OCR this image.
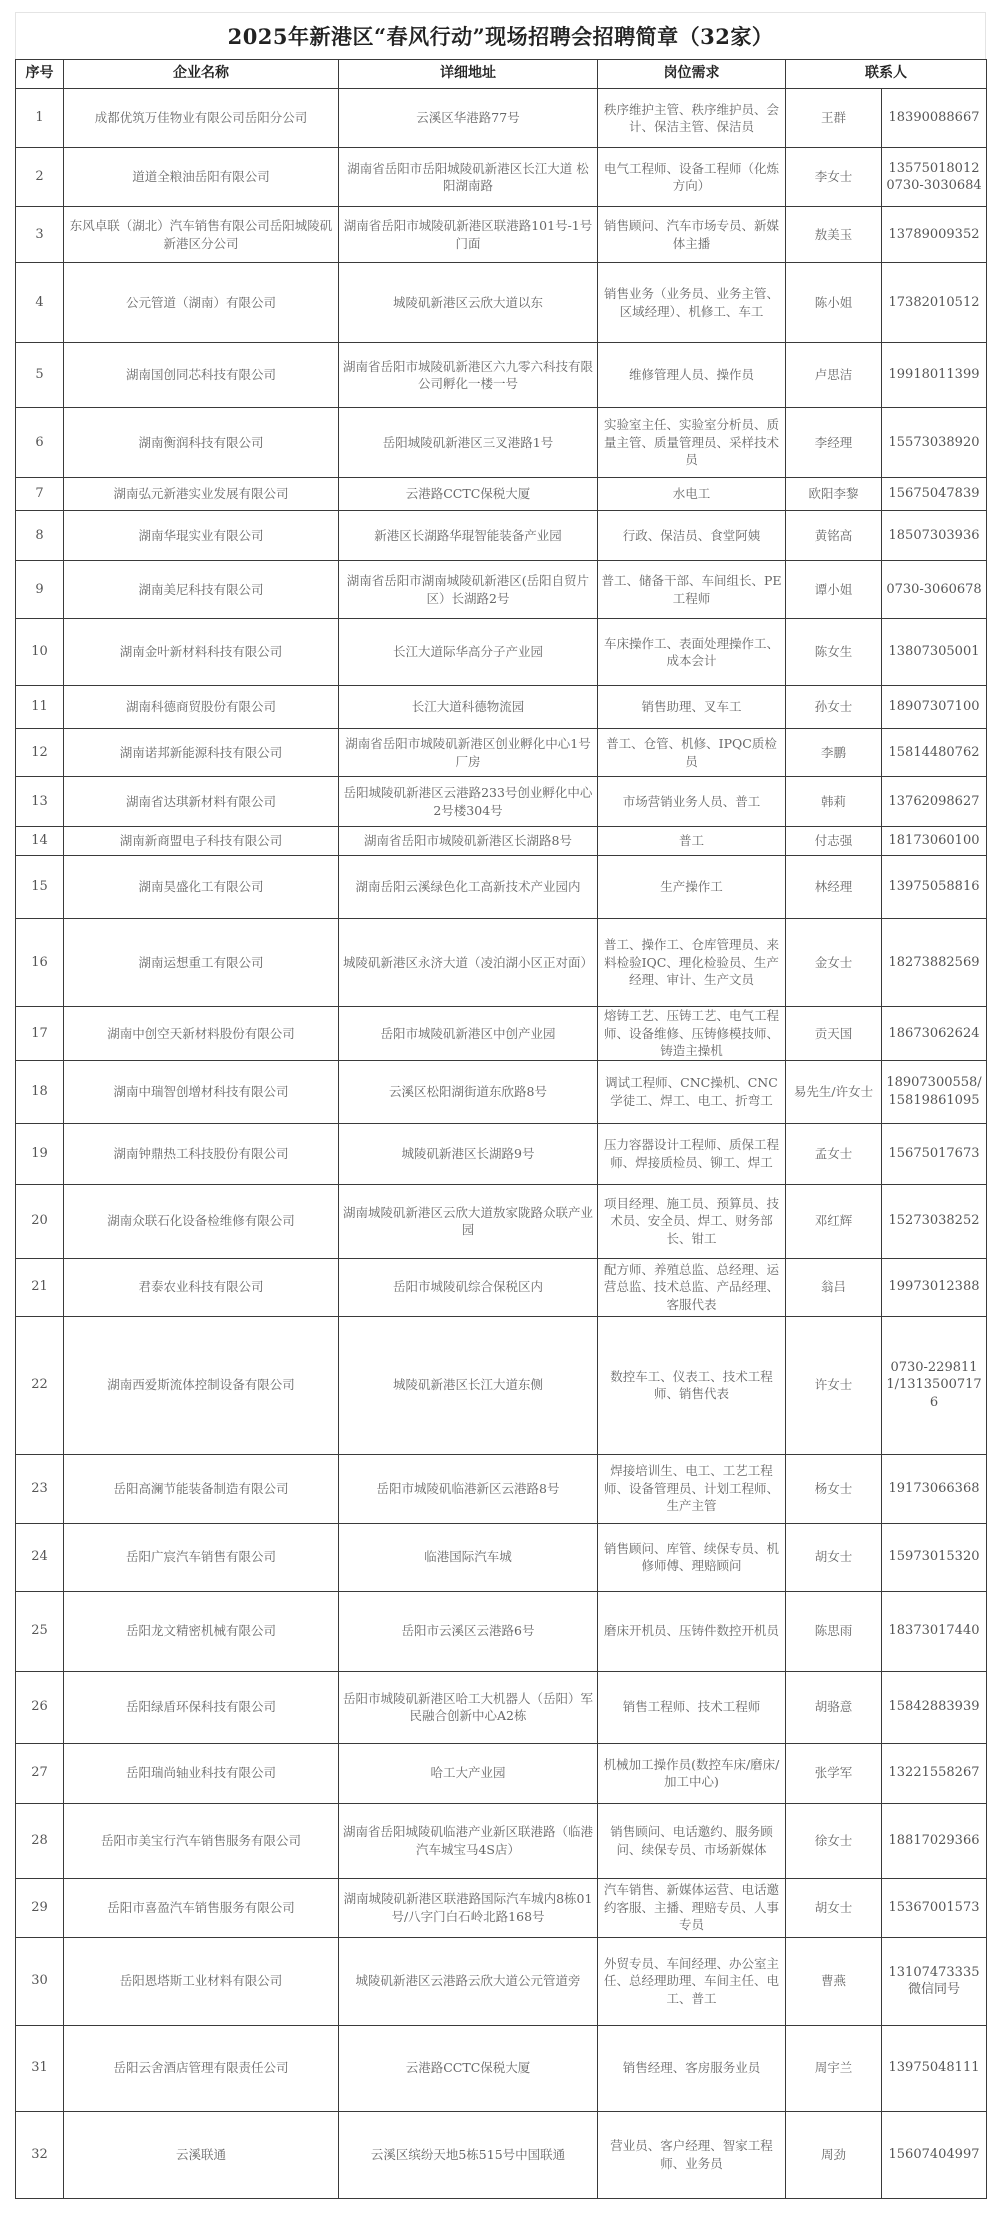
2025年新港区“春风行动”现场招聘会招聘简章（32家）
序号	企业名称	详细地址	岗位需求	联系人	
1	成都优筑万佳物业有限公司岳阳分公司	云溪区华港路77号	秩序维护主管、秩序维护员、会计、保洁主管、保洁员	王群	18390088667
2	道道全粮油岳阳有限公司	湖南省岳阳市岳阳城陵矶新港区长江大道 松阳湖南路	电气工程师、设备工程师（化炼方向）	李女士	13575018012 0730-3030684
3	东风卓联（湖北）汽车销售有限公司岳阳城陵矶新港区分公司	湖南省岳阳市城陵矶新港区联港路101号-1号门面	销售顾问、汽车市场专员、新媒体主播	敖美玉	13789009352
4	公元管道（湖南）有限公司	城陵矶新港区云欣大道以东	销售业务（业务员、业务主管、区域经理）、机修工、车工	陈小姐	17382010512
5	湖南国创同芯科技有限公司	湖南省岳阳市城陵矶新港区六九零六科技有限公司孵化一楼一号	维修管理人员、操作员	卢思洁	19918011399
6	湖南衡润科技有限公司	岳阳城陵矶新港区三叉港路1号	实验室主任、实验室分析员、质量主管、质量管理员、采样技术员	李经理	15573038920
7	湖南弘元新港实业发展有限公司	云港路CCTC保税大厦	水电工	欧阳李黎	15675047839
8	湖南华琨实业有限公司	新港区长湖路华琨智能装备产业园	行政、保洁员、食堂阿姨	黄铭高	18507303936
9	湖南美尼科技有限公司	湖南省岳阳市湖南城陵矶新港区(岳阳自贸片区）长湖路2号	普工、储备干部、车间组长、PE工程师	谭小姐	0730-3060678
10	湖南金叶新材料科技有限公司	长江大道际华高分子产业园	车床操作工、表面处理操作工、成本会计	陈女生	13807305001
11	湖南科德商贸股份有限公司	长江大道科德物流园	销售助理、叉车工	孙女士	18907307100
12	湖南诺邦新能源科技有限公司	湖南省岳阳市城陵矶新港区创业孵化中心1号厂房	普工、仓管、机修、IPQC质检员	李鹏	15814480762
13	湖南省达琪新材料有限公司	岳阳城陵矶新港区云港路233号创业孵化中心2号楼304号	市场营销业务人员、普工	韩莉	13762098627
14	湖南新商盟电子科技有限公司	湖南省岳阳市城陵矶新港区长湖路8号	普工	付志强	18173060100
15	湖南昊盛化工有限公司	湖南岳阳云溪绿色化工高新技术产业园内	生产操作工	林经理	13975058816
16	湖南运想重工有限公司	城陵矶新港区永济大道（凌泊湖小区正对面）	普工、操作工、仓库管理员、来料检验IQC、理化检验员、生产经理、审计、生产文员	金女士	18273882569
17	湖南中创空天新材料股份有限公司	岳阳市城陵矶新港区中创产业园	熔铸工艺、压铸工艺、电气工程师、设备维修、压铸修模技师、铸造主操机	贡天国	18673062624
18	湖南中瑞智创增材科技有限公司	云溪区松阳湖街道东欣路8号	调试工程师、CNC操机、CNC学徒工、焊工、电工、折弯工	易先生/许女士	18907300558/15819861095
19	湖南钟鼎热工科技股份有限公司	城陵矶新港区长湖路9号	压力容器设计工程师、质保工程师、焊接质检员、铆工、焊工	孟女士	15675017673
20	湖南众联石化设备检维修有限公司	湖南城陵矶新港区云欣大道敖家陇路众联产业园	项目经理、施工员、预算员、技术员、安全员、焊工、财务部长、钳工	邓红辉	15273038252
21	君泰农业科技有限公司	岳阳市城陵矶综合保税区内	配方师、养殖总监、总经理、运营总监、技术总监、产品经理、客服代表	翁吕	19973012388
22	湖南西爱斯流体控制设备有限公司	城陵矶新港区长江大道东侧	数控车工、仪表工、技术工程师、销售代表	许女士	0730-2298111/13135007176
23	岳阳高澜节能装备制造有限公司	岳阳市城陵矶临港新区云港路8号	焊接培训生、电工、工艺工程师、设备管理员、计划工程师、生产主管	杨女士	19173066368
24	岳阳广宸汽车销售有限公司	临港国际汽车城	销售顾问、库管、续保专员、机修师傅、理赔顾问	胡女士	15973015320
25	岳阳龙文精密机械有限公司	岳阳市云溪区云港路6号	磨床开机员、压铸件数控开机员	陈思雨	18373017440
26	岳阳绿盾环保科技有限公司	岳阳市城陵矶新港区哈工大机器人（岳阳）军民融合创新中心A2栋	销售工程师、技术工程师	胡骆意	15842883939
27	岳阳瑞尚轴业科技有限公司	哈工大产业园	机械加工操作员(数控车床/磨床/加工中心)	张学军	13221558267
28	岳阳市美宝行汽车销售服务有限公司	湖南省岳阳城陵矶临港产业新区联港路（临港汽车城宝马4S店）	销售顾问、电话邀约、服务顾问、续保专员、市场新媒体	徐女士	18817029366
29	岳阳市喜盈汽车销售服务有限公司	湖南城陵矶新港区联港路国际汽车城内8栋01号/八字门白石岭北路168号	汽车销售、新媒体运营、电话邀约客服、主播、理赔专员、人事专员	胡女士	15367001573
30	岳阳恩塔斯工业材料有限公司	城陵矶新港区云港路云欣大道公元管道旁	外贸专员、车间经理、办公室主任、总经理助理、车间主任、电工、普工	曹燕	13107473335 微信同号
31	岳阳云舍酒店管理有限责任公司	云港路CCTC保税大厦	销售经理、客房服务业员	周宇兰	13975048111
32	云溪联通	云溪区缤纷天地5栋515号中国联通	营业员、客户经理、智家工程师、业务员	周劲	15607404997
